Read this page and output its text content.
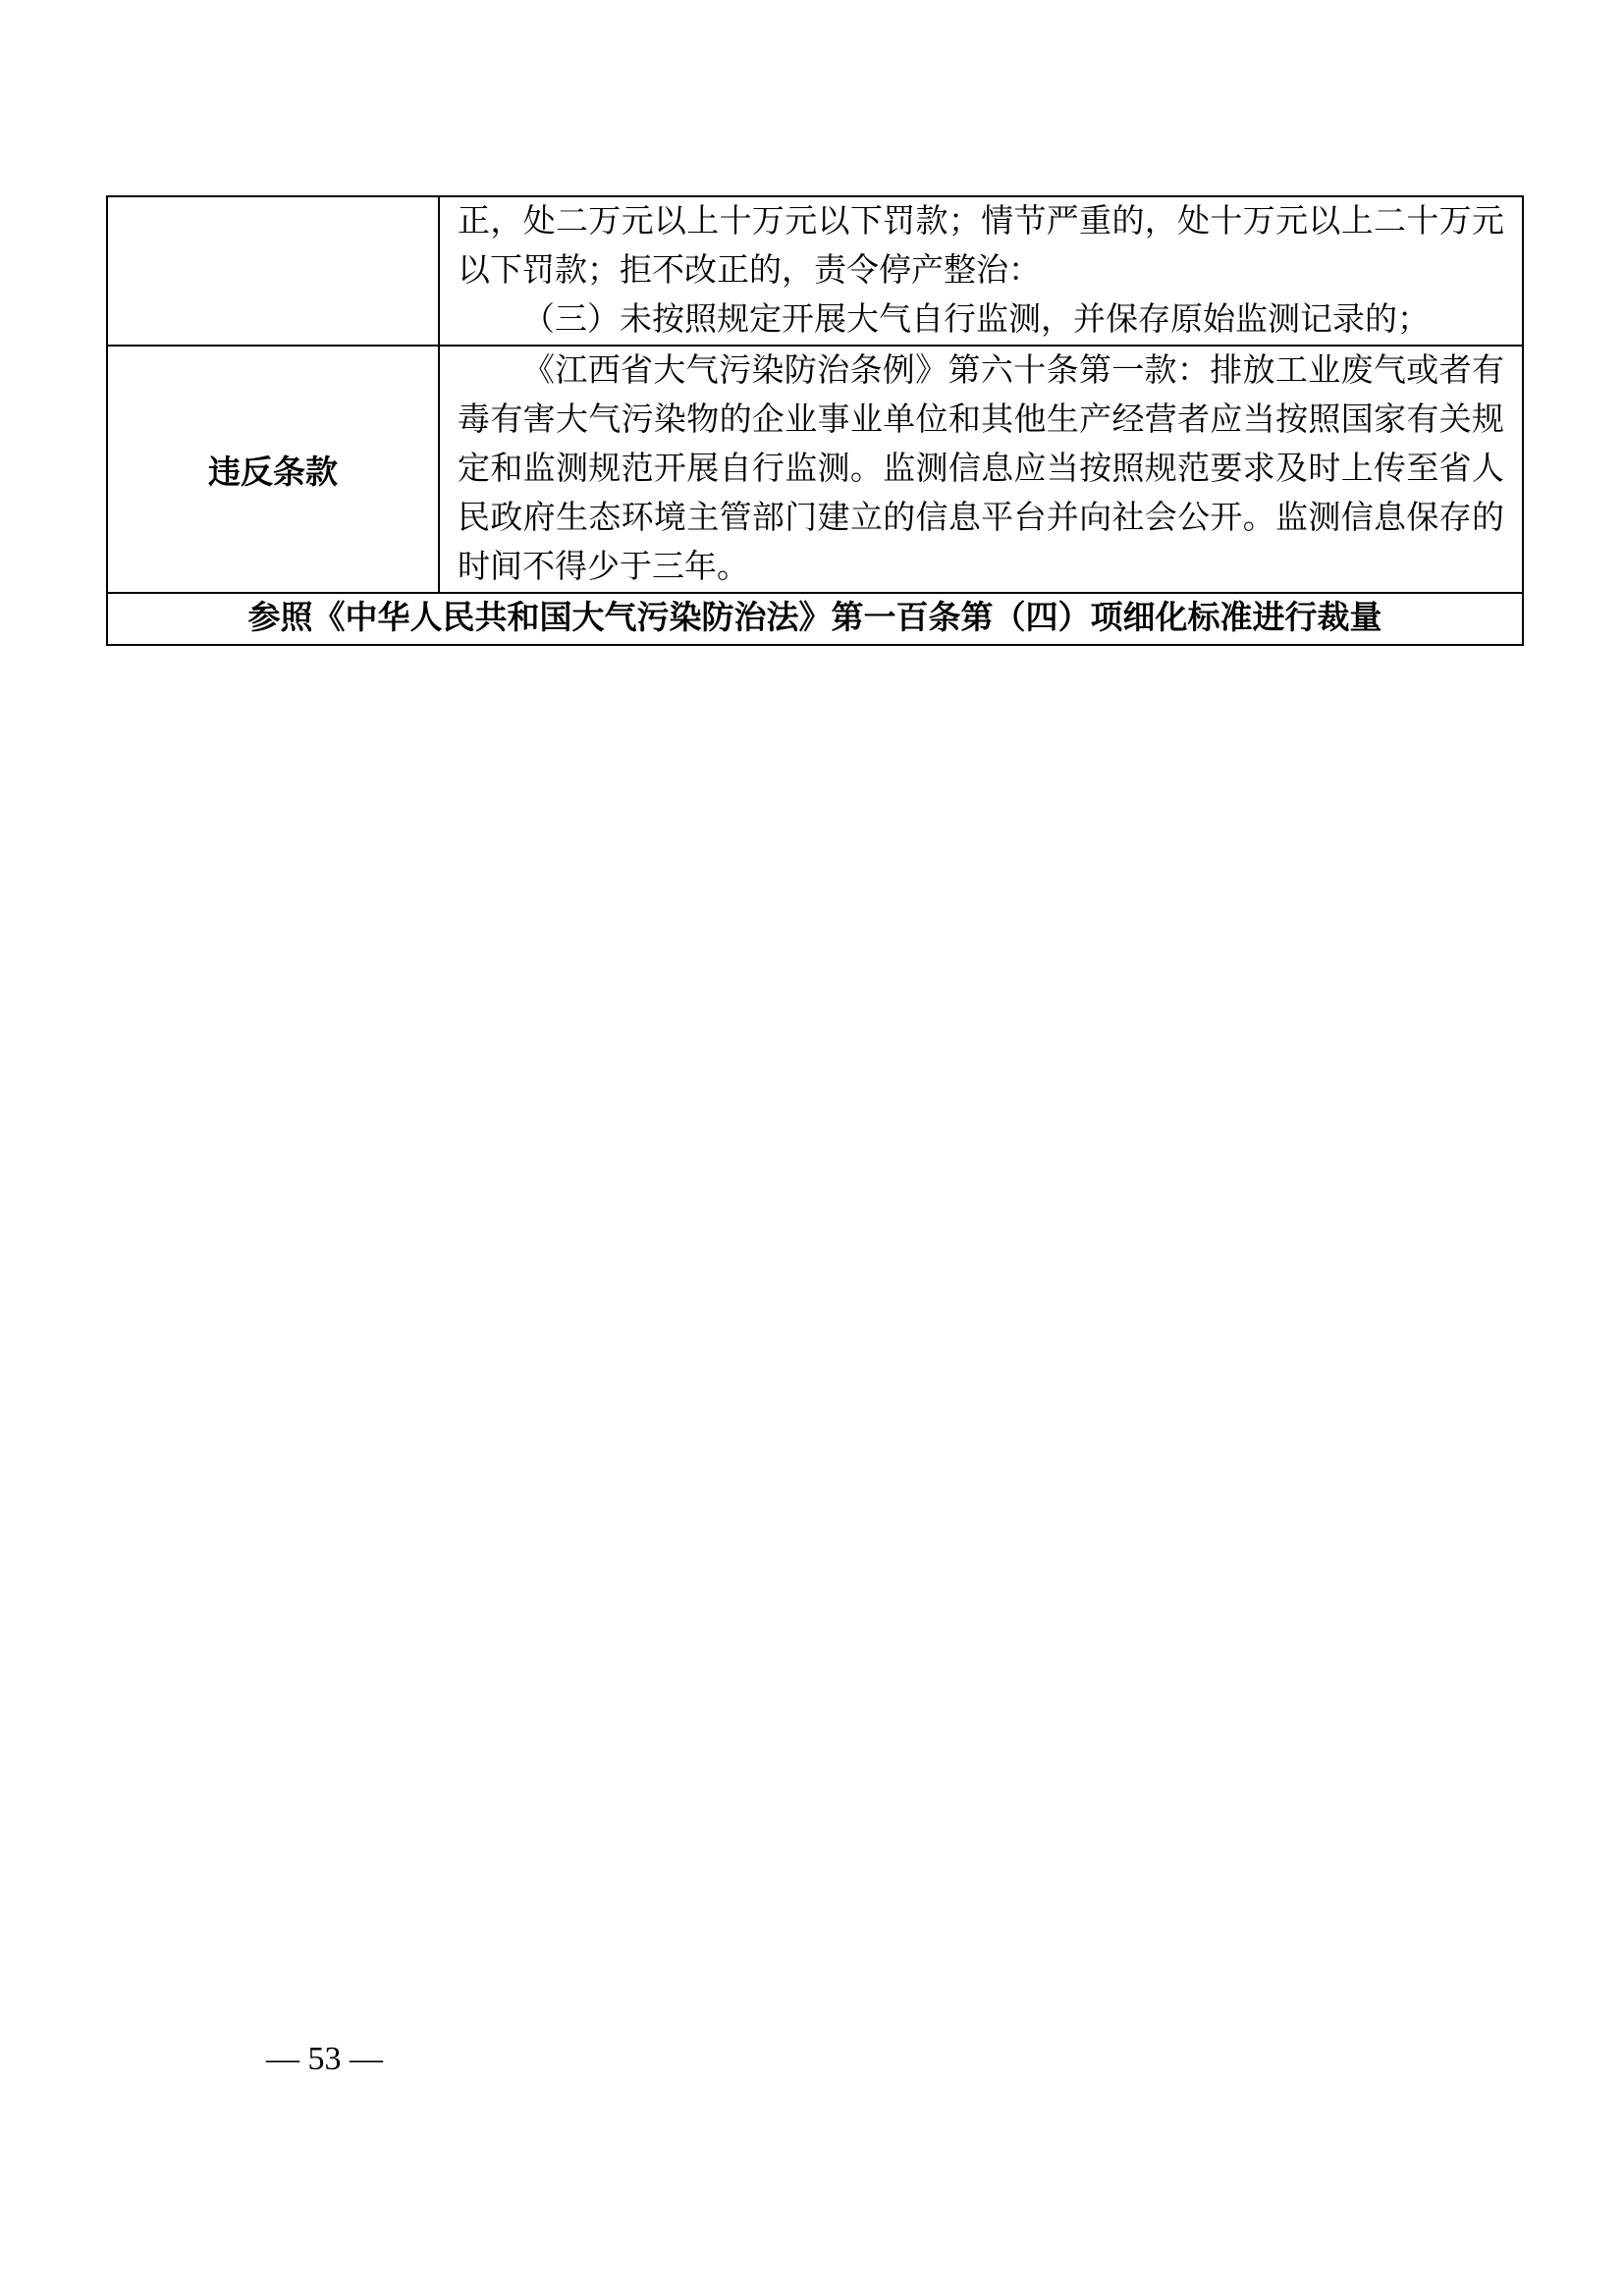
	正，处二万元以上十万元以下罚款；情节严重的，处十万元以上二十万元以下罚款；拒不改正的，责令停产整治：

（三）未按照规定开展大气自行监测，并保存原始监测记录的；

违反条款	《江西省大气污染防治条例》第六十条第一款：排放工业废气或者有毒有害大气污染物的企业事业单位和其他生产经营者应当按照国家有关规定和监测规范开展自行监测。监测信息应当按照规范要求及时上传至省人民政府生态环境主管部门建立的信息平台并向社会公开。监测信息保存的时间不得少于三年。

参照《中华人民共和国大气污染防治法》第一百条第（四）项细化标准进行裁量	
— 53 —
